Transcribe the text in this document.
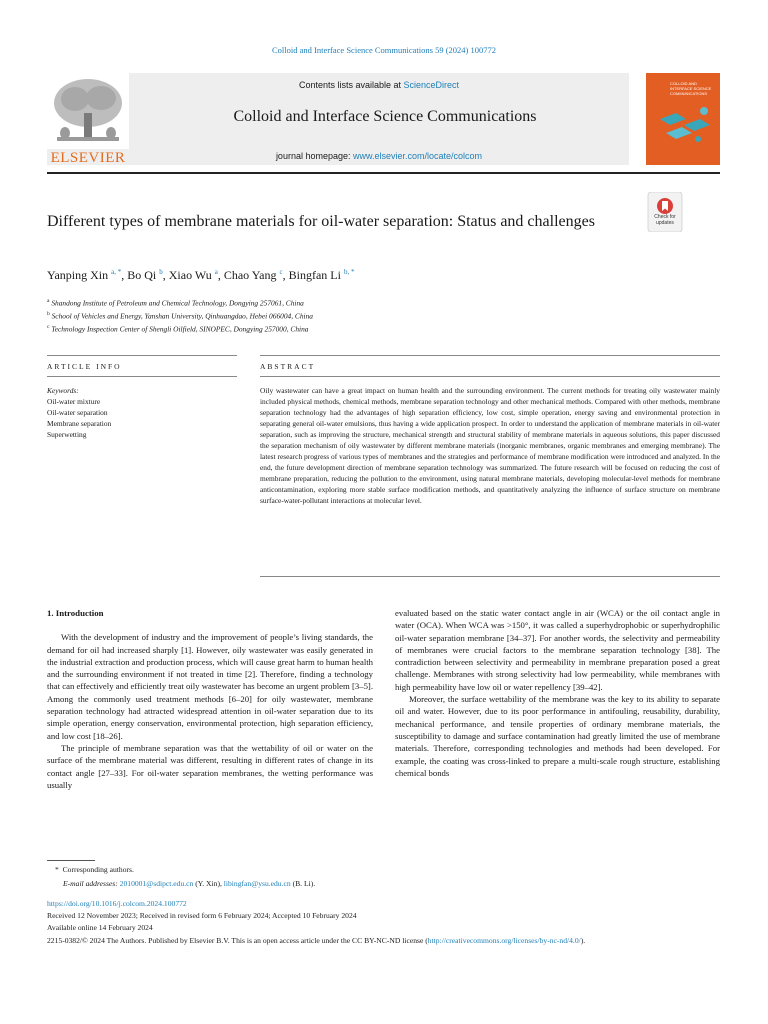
Colloid and Interface Science Communications 59 (2024) 100772
ELSEVIER
Contents lists available at ScienceDirect
Colloid and Interface Science Communications
journal homepage: www.elsevier.com/locate/colcom
COLLOID AND INTERFACE SCIENCE COMMUNICATIONS
Different types of membrane materials for oil-water separation: Status and challenges	Check for updates
Yanping Xin $^{a, *}$, Bo Qi $^b$, Xiao Wu $^a$, Chao Yang $^c$, Bingfan Li $^{b, *}$
$^a$ Shandong Institute of Petroleum and Chemical Technology, Dongying 257061, China
$^b$ School of Vehicles and Energy, Yanshan University, Qinhuangdao, Hebei 066004, China
$^c$ Technology Inspection Center of Shengli Oilfield, SINOPEC, Dongying 257000, China
ARTICLE INFO	ABSTRACT
Keywords:
Oil-water mixture
Oil-water separation
Membrane separation
Superwetting
Oily wastewater can have a great impact on human health and the surrounding environment. The current methods for treating oily wastewater mainly included physical methods, chemical methods, membrane separation technology and other mechanical methods. Compared with other methods, membrane separation technology had the advantages of high separation efficiency, low cost, simple operation, energy saving and environmental protection in separating general oil-water emulsions, thus having a wide application prospect. In order to understand the application of membrane materials in oil-water separation, such as improving the structure, mechanical strength and structural stability of membrane materials in aqueous solutions, this paper discussed the separation mechanism of oily wastewater by different membrane materials (inorganic membranes, organic membranes and emerging membrane). The latest research progress of various types of membranes and the strategies and performance of membrane modification were introduced and analyzed. In the end, the future development direction of membrane separation technology was summarized. The future research will be focused on reducing the cost of membrane preparation, reducing the pollution to the environment, using natural membrane materials, developing molecular-level methods for membrane anticontamination, exploring more stable surface modification methods, and quantitatively analyzing the influence of surface structure on membrane surface-water-pollutant interactions at molecular level.

1. Introduction

With the development of industry and the improvement of people’s living standards, the demand for oil had increased sharply [1]. However, oily wastewater was easily generated in the industrial extraction and production process, which will cause great harm to human health and the surrounding environment if not treated in time [2]. Therefore, finding a technology that can effectively and efficiently treat oily wastewater has become an urgent problem [3–5]. Among the commonly used treatment methods [6–20] for oily wastewater, membrane separation technology had attracted widespread attention in oil-water separation due to its simple operation, energy conservation, environmental protection, high separation efficiency, and low cost [18–26].

The principle of membrane separation was that the wettability of oil or water on the surface of the membrane material was different, resulting in different rates of change in its contact angle [27–33]. For oil-water separation membranes, the wetting performance was usually

evaluated based on the static water contact angle in air (WCA) or the oil contact angle in water (OCA). When WCA was >150°, it was called a superhydrophobic or superhydrophilic oil-water separation membrane [34–37]. For another words, the selectivity and permeability of membranes were crucial factors to the membrane separation technology [38]. The contradiction between selectivity and permeability in membrane preparation posed a great challenge. Membranes with strong selectivity had low permeability, while membranes with high permeability have low oil or water repellency [39–42].

Moreover, the surface wettability of the membrane was the key to its ability to separate oil and water. However, due to its poor performance in antifouling, reusability, durability, mechanical performance, and tensile properties of ordinary membrane materials, the susceptibility to damage and surface contamination had greatly limited the use of membrane materials. Therefore, corresponding technologies and methods had been developed. For example, the coating was cross-linked to prepare a multi-scale rough structure, establishing chemical bonds

*  Corresponding authors.
E-mail addresses: 2010001@sdipct.edu.cn (Y. Xin), libingfan@ysu.edu.cn (B. Li).
https://doi.org/10.1016/j.colcom.2024.100772
Received 12 November 2023; Received in revised form 6 February 2024; Accepted 10 February 2024
Available online 14 February 2024
2215-0382/© 2024 The Authors. Published by Elsevier B.V. This is an open access article under the CC BY-NC-ND license (http://creativecommons.org/licenses/by-nc-nd/4.0/).
